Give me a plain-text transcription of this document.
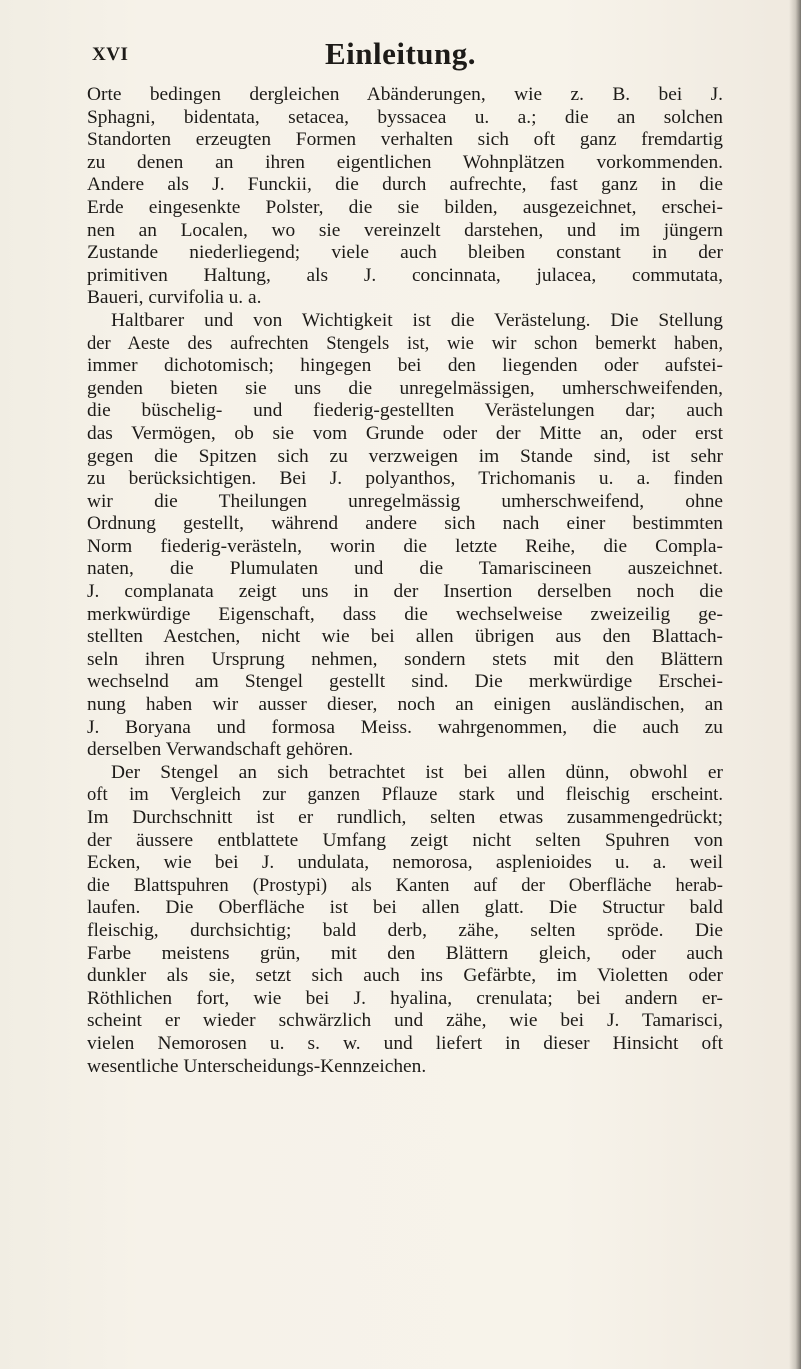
XVI	Einleitung.
Orte bedingen dergleichen Abänderungen, wie z. B. bei J.
Sphagni, bidentata, setacea, byssacea u. a.; die an solchen
Standorten erzeugten Formen verhalten sich oft ganz fremdartig
zu denen an ihren eigentlichen Wohnplätzen vorkommenden.
Andere als J. Funckii, die durch aufrechte, fast ganz in die
Erde eingesenkte Polster, die sie bilden, ausgezeichnet, erschei-
nen an Localen, wo sie vereinzelt darstehen, und im jüngern
Zustande niederliegend; viele auch bleiben constant in der
primitiven Haltung, als J. concinnata, julacea, commutata,
Baueri, curvifolia u. a.
Haltbarer und von Wichtigkeit ist die Verästelung. Die Stellung
der Aeste des aufrechten Stengels ist, wie wir schon bemerkt haben,
immer dichotomisch; hingegen bei den liegenden oder aufstei-
genden bieten sie uns die unregelmässigen, umherschweifenden,
die büschelig- und fiederig-gestellten Verästelungen dar; auch
das Vermögen, ob sie vom Grunde oder der Mitte an, oder erst
gegen die Spitzen sich zu verzweigen im Stande sind, ist sehr
zu berücksichtigen. Bei J. polyanthos, Trichomanis u. a. finden
wir die Theilungen unregelmässig umherschweifend, ohne
Ordnung gestellt, während andere sich nach einer bestimmten
Norm fiederig-verästeln, worin die letzte Reihe, die Compla-
naten, die Plumulaten und die Tamariscineen auszeichnet.
J. complanata zeigt uns in der Insertion derselben noch die
merkwürdige Eigenschaft, dass die wechselweise zweizeilig ge-
stellten Aestchen, nicht wie bei allen übrigen aus den Blattach-
seln ihren Ursprung nehmen, sondern stets mit den Blättern
wechselnd am Stengel gestellt sind. Die merkwürdige Erschei-
nung haben wir ausser dieser, noch an einigen ausländischen, an
J. Boryana und formosa Meiss. wahrgenommen, die auch zu
derselben Verwandschaft gehören.
Der Stengel an sich betrachtet ist bei allen dünn, obwohl er
oft im Vergleich zur ganzen Pflauze stark und fleischig erscheint.
Im Durchschnitt ist er rundlich, selten etwas zusammengedrückt;
der äussere entblattete Umfang zeigt nicht selten Spuhren von
Ecken, wie bei J. undulata, nemorosa, asplenioides u. a. weil
die Blattspuhren (Prostypi) als Kanten auf der Oberfläche herab-
laufen. Die Oberfläche ist bei allen glatt. Die Structur bald
fleischig, durchsichtig; bald derb, zähe, selten spröde. Die
Farbe meistens grün, mit den Blättern gleich, oder auch
dunkler als sie, setzt sich auch ins Gefärbte, im Violetten oder
Röthlichen fort, wie bei J. hyalina, crenulata; bei andern er-
scheint er wieder schwärzlich und zähe, wie bei J. Tamarisci,
vielen Nemorosen u. s. w. und liefert in dieser Hinsicht oft
wesentliche Unterscheidungs-Kennzeichen.
